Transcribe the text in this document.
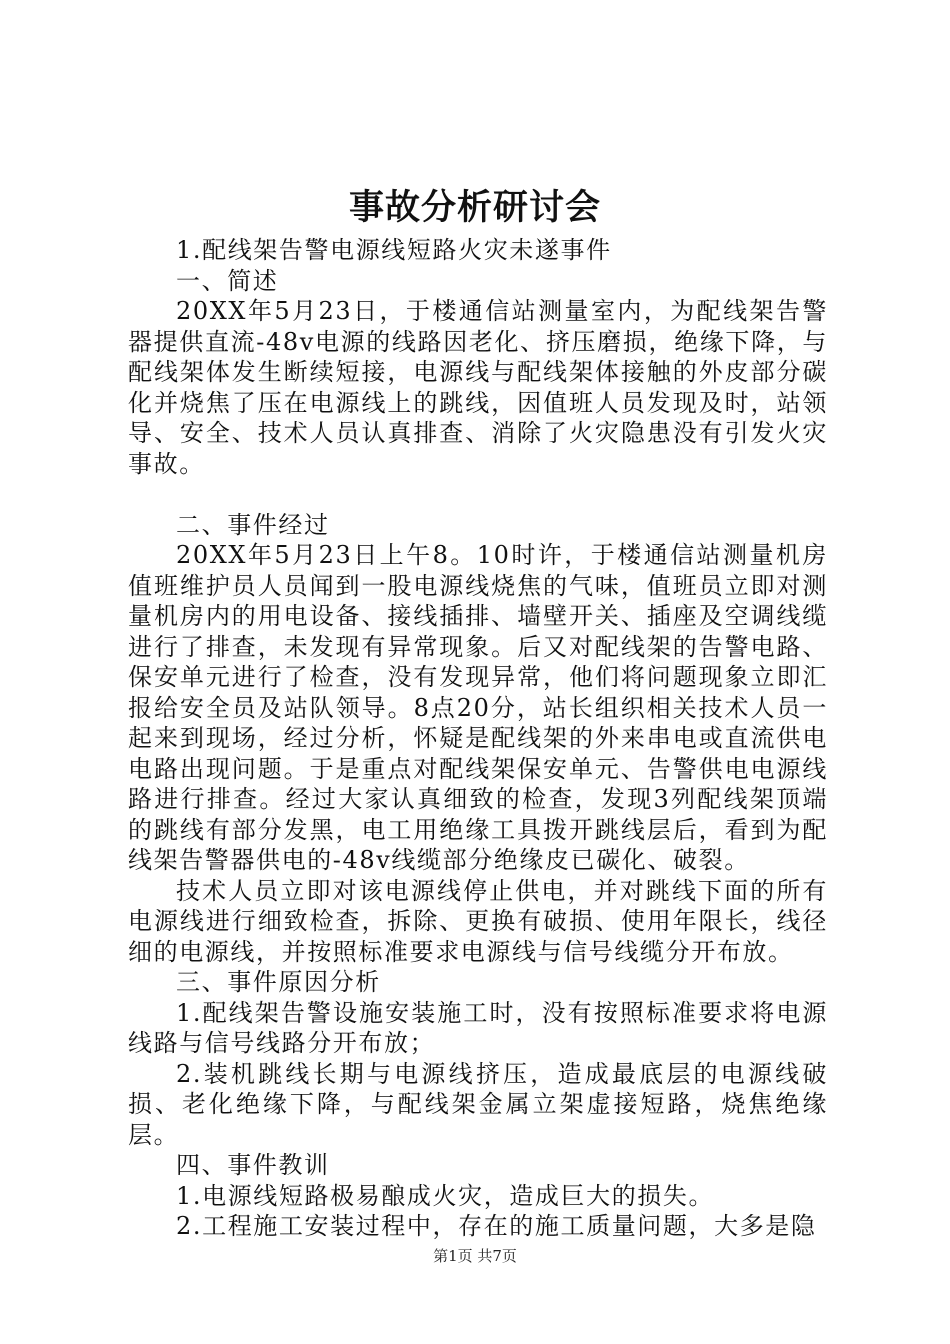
事故分析研讨会

1.配线架告警电源线短路火灾未遂事件

一、简述

20XX年5月23日，于楼通信站测量室内，为配线架告警器提供直流-48v电源的线路因老化、挤压磨损，绝缘下降，与配线架体发生断续短接，电源线与配线架体接触的外皮部分碳化并烧焦了压在电源线上的跳线，因值班人员发现及时，站领导、安全、技术人员认真排查、消除了火灾隐患没有引发火灾事故。

二、事件经过

20XX年5月23日上午8。10时许，于楼通信站测量机房值班维护员人员闻到一股电源线烧焦的气味，值班员立即对测量机房内的用电设备、接线插排、墙壁开关、插座及空调线缆进行了排查，未发现有异常现象。后又对配线架的告警电路、保安单元进行了检查，没有发现异常，他们将问题现象立即汇报给安全员及站队领导。8点20分，站长组织相关技术人员一起来到现场，经过分析，怀疑是配线架的外来串电或直流供电电路出现问题。于是重点对配线架保安单元、告警供电电源线路进行排查。经过大家认真细致的检查，发现3列配线架顶端的跳线有部分发黑，电工用绝缘工具拨开跳线层后，看到为配线架告警器供电的-48v线缆部分绝缘皮已碳化、破裂。

技术人员立即对该电源线停止供电，并对跳线下面的所有电源线进行细致检查，拆除、更换有破损、使用年限长，线径细的电源线，并按照标准要求电源线与信号线缆分开布放。

三、事件原因分析

1.配线架告警设施安装施工时，没有按照标准要求将电源线路与信号线路分开布放；

2.装机跳线长期与电源线挤压，造成最底层的电源线破损、老化绝缘下降，与配线架金属立架虚接短路，烧焦绝缘层。

四、事件教训

1.电源线短路极易酿成火灾，造成巨大的损失。

2.工程施工安装过程中，存在的施工质量问题，大多是隐

第1页 共7页
